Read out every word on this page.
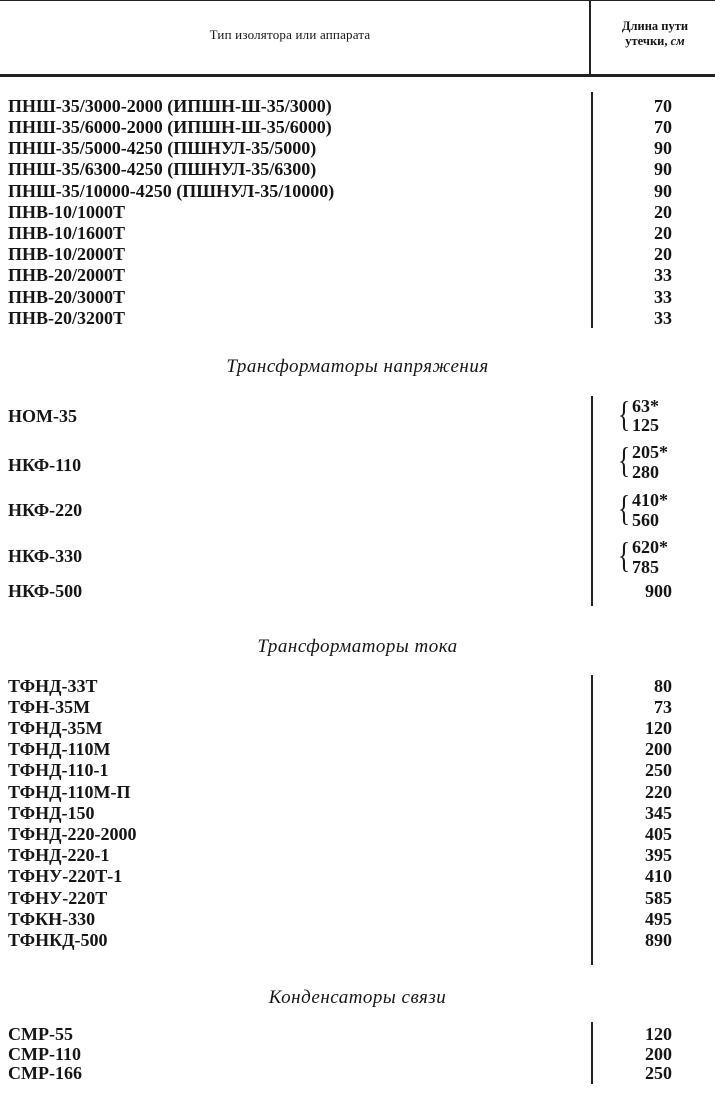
Тип изолятора или аппарата
Длина пути
утечки, см
ПНШ-35/3000-2000 (ИПШН-Ш-35/3000)	70
ПНШ-35/6000-2000 (ИПШН-Ш-35/6000)	70
ПНШ-35/5000-4250 (ПШНУЛ-35/5000)	90
ПНШ-35/6300-4250 (ПШНУЛ-35/6300)	90
ПНШ-35/10000-4250 (ПШНУЛ-35/10000)	90
ПНВ-10/1000Т	20
ПНВ-10/1600Т	20
ПНВ-10/2000Т	20
ПНВ-20/2000Т	33
ПНВ-20/3000Т	33
ПНВ-20/3200Т	33
Трансформаторы напряжения
НОМ-35	{ 63*
125
НКФ-110	{ 205*
280
НКФ-220	{ 410*
560
НКФ-330	{ 620*
785
НКФ-500	900
Трансформаторы тока
ТФНД-33Т	80
ТФН-35М	73
ТФНД-35М	120
ТФНД-110М	200
ТФНД-110-1	250
ТФНД-110М-П	220
ТФНД-150	345
ТФНД-220-2000	405
ТФНД-220-1	395
ТФНУ-220Т-1	410
ТФНУ-220Т	585
ТФКН-330	495
ТФНКД-500	890
Конденсаторы связи
СМР-55	120
СМР-110	200
СМР-166	250
